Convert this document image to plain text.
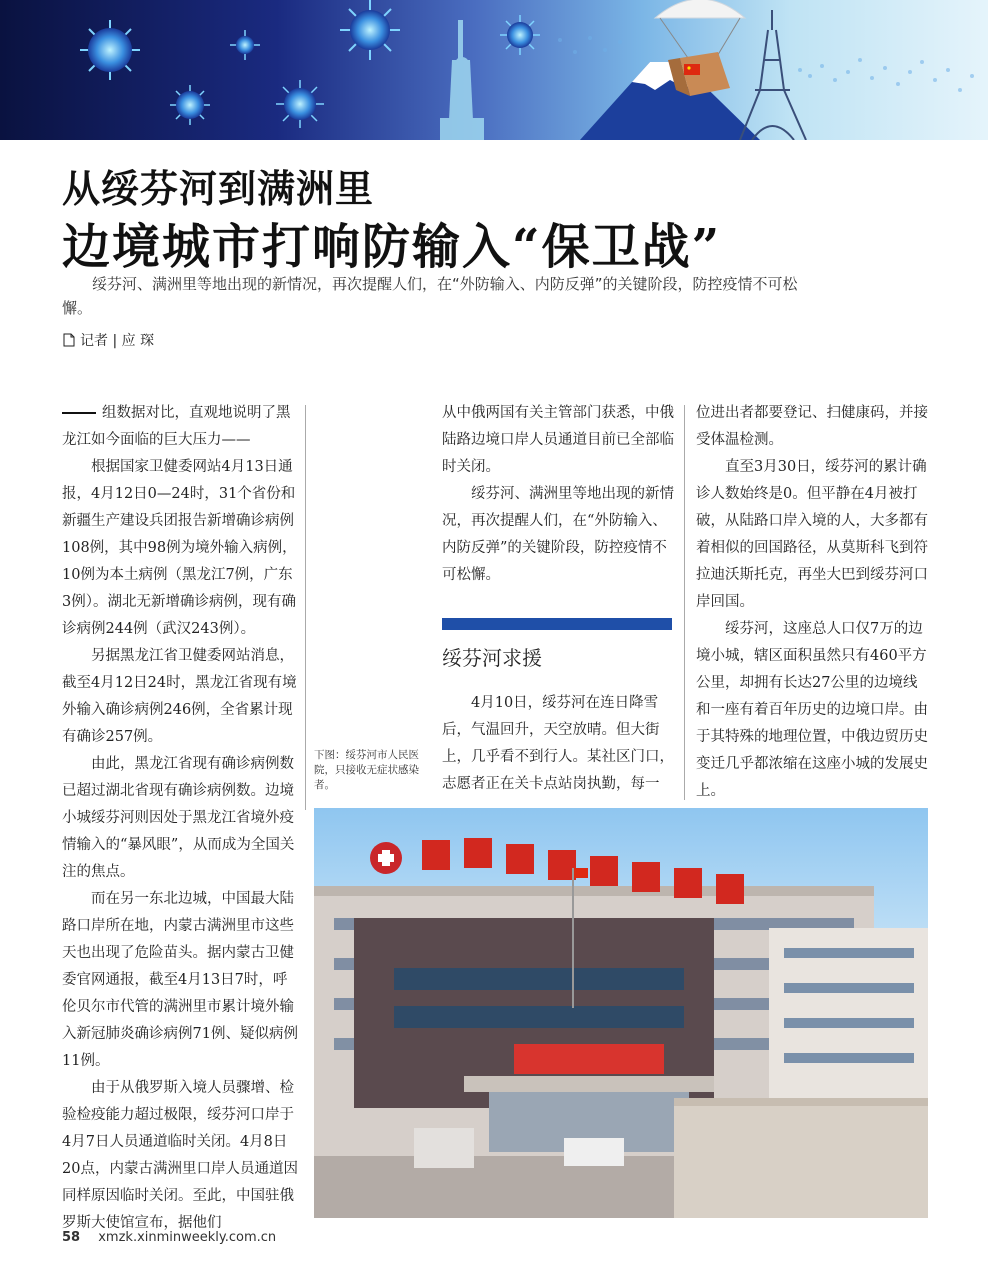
从绥芬河到满洲里
边境城市打响防输入“保卫战”

绥芬河、满洲里等地出现的新情况，再次提醒人们，在“外防输入、内防反弹”的关键阶段，防控疫情不可松懈。

记者 | 应 琛

组数据对比，直观地说明了黑龙江如今面临的巨大压力——

根据国家卫健委网站4月13日通报，4月12日0—24时，31个省份和新疆生产建设兵团报告新增确诊病例108例，其中98例为境外输入病例，10例为本土病例（黑龙江7例，广东3例）。湖北无新增确诊病例，现有确诊病例244例（武汉243例）。

另据黑龙江省卫健委网站消息，截至4月12日24时，黑龙江省现有境外输入确诊病例246例，全省累计现有确诊257例。

由此，黑龙江省现有确诊病例数已超过湖北省现有确诊病例数。边境小城绥芬河则因处于黑龙江省境外疫情输入的“暴风眼”，从而成为全国关注的焦点。

而在另一东北边城，中国最大陆路口岸所在地，内蒙古满洲里市这些天也出现了危险苗头。据内蒙古卫健委官网通报，截至4月13日7时，呼伦贝尔市代管的满洲里市累计境外输入新冠肺炎确诊病例71例、疑似病例11例。

由于从俄罗斯入境人员骤增、检验检疫能力超过极限，绥芬河口岸于4月7日人员通道临时关闭。4月8日20点，内蒙古满洲里口岸人员通道因同样原因临时关闭。至此，中国驻俄罗斯大使馆宣布，据他们

从中俄两国有关主管部门获悉，中俄陆路边境口岸人员通道目前已全部临时关闭。

绥芬河、满洲里等地出现的新情况，再次提醒人们，在“外防输入、内防反弹”的关键阶段，防控疫情不可松懈。

绥芬河求援

4月10日，绥芬河在连日降雪后，气温回升，天空放晴。但大街上，几乎看不到行人。某社区门口，志愿者正在关卡点站岗执勤，每一

位进出者都要登记、扫健康码，并接受体温检测。

直至3月30日，绥芬河的累计确诊人数始终是0。但平静在4月被打破，从陆路口岸入境的人，大多都有着相似的回国路径，从莫斯科飞到符拉迪沃斯托克，再坐大巴到绥芬河口岸回国。

绥芬河，这座总人口仅7万的边境小城，辖区面积虽然只有460平方公里，却拥有长达27公里的边境线和一座有着百年历史的边境口岸。由于其特殊的地理位置，中俄边贸历史变迁几乎都浓缩在这座小城的发展史上。

下图：绥芬河市人民医院，只接收无症状感染者。
58 xmzk.xinminweekly.com.cn
